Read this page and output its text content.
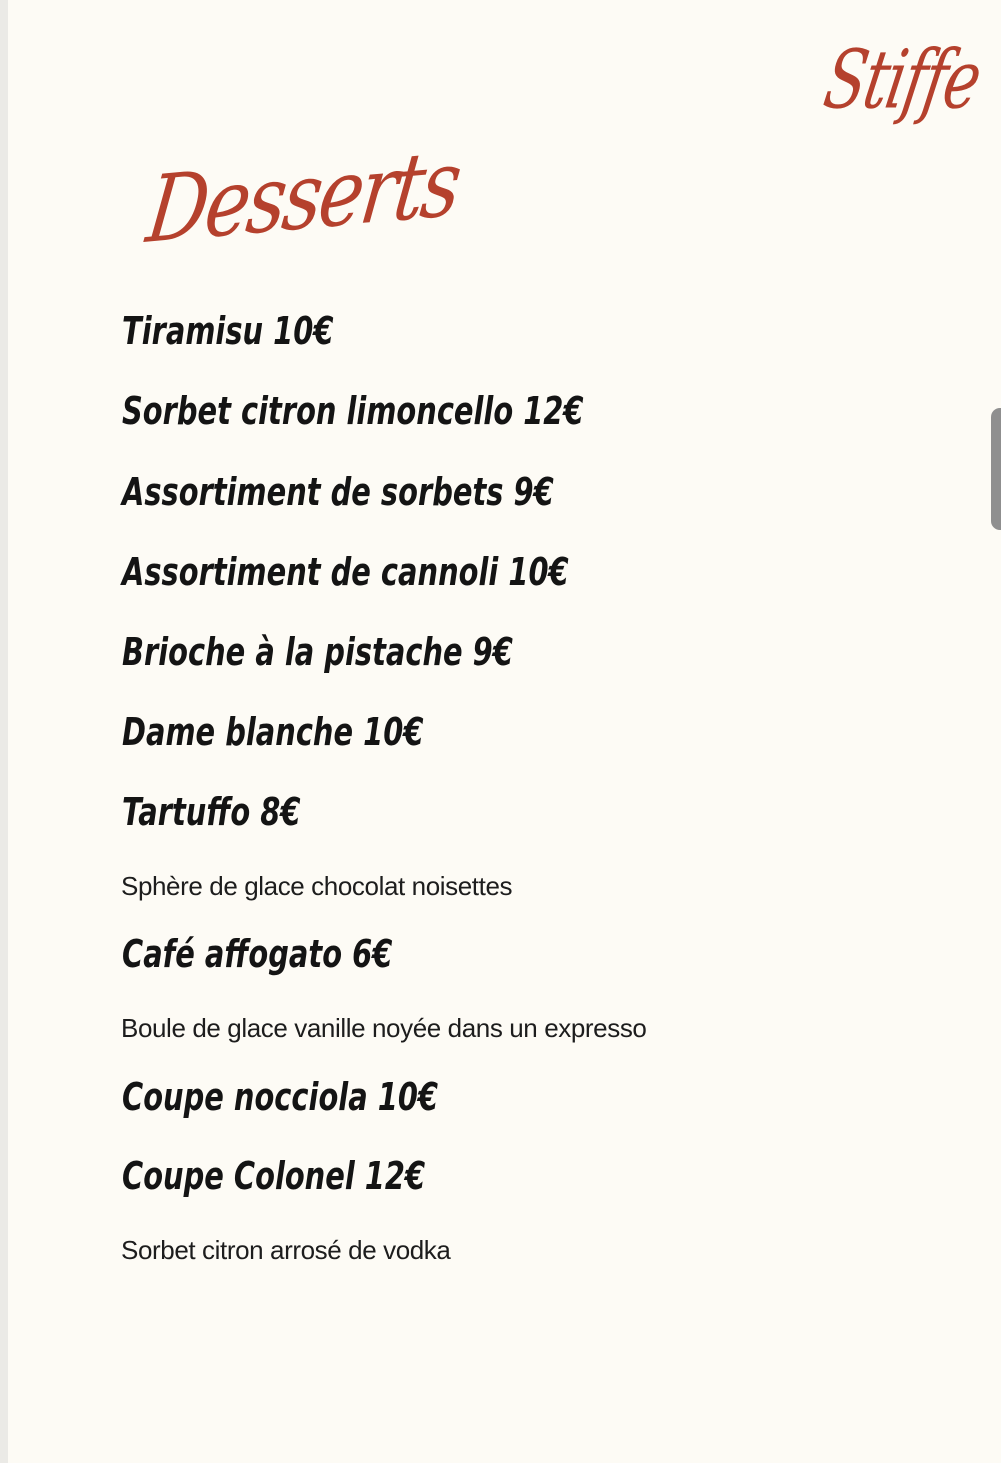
Stiffe
Desserts
Tiramisu 10€
Sorbet citron limoncello 12€
Assortiment de sorbets 9€
Assortiment de cannoli 10€
Brioche à la pistache 9€
Dame blanche 10€
Tartuffo 8€
Sphère de glace chocolat noisettes
Café affogato 6€
Boule de glace vanille noyée dans un expresso
Coupe nocciola 10€
Coupe Colonel 12€
Sorbet citron arrosé de vodka
